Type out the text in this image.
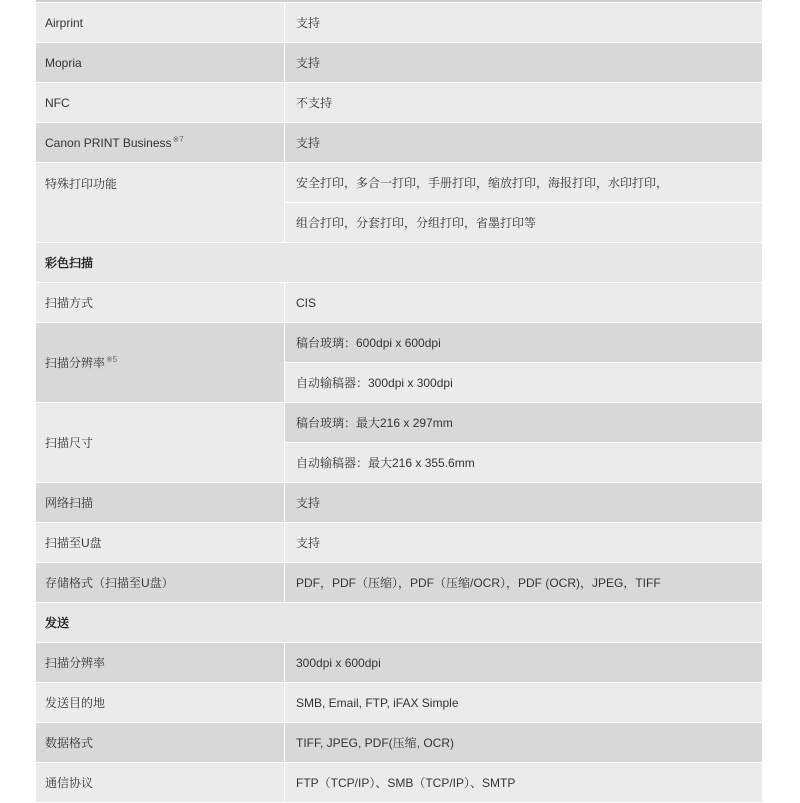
Airprint	支持
Mopria	支持
NFC	不支持
Canon PRINT Business$^{※7}$	支持
特殊打印功能	安全打印，多合一打印，手册打印，缩放打印，海报打印，水印打印，
	组合打印，分套打印，分组打印，省墨打印等
彩色扫描	
扫描方式	CIS
扫描分辨率$^{※5}$	稿台玻璃：600dpi x 600dpi
	自动输稿器：300dpi x 300dpi
扫描尺寸	稿台玻璃：最大216 x 297mm
	自动输稿器：最大216 x 355.6mm
网络扫描	支持
扫描至U盘	支持
存储格式（扫描至U盘）	PDF，PDF（压缩），PDF（压缩/OCR），PDF (OCR)，JPEG，TIFF
发送	
扫描分辨率	300dpi x 600dpi
发送目的地	SMB, Email, FTP, iFAX Simple
数据格式	TIFF, JPEG, PDF(压缩, OCR)
通信协议	FTP（TCP/IP）、SMB（TCP/IP）、SMTP
